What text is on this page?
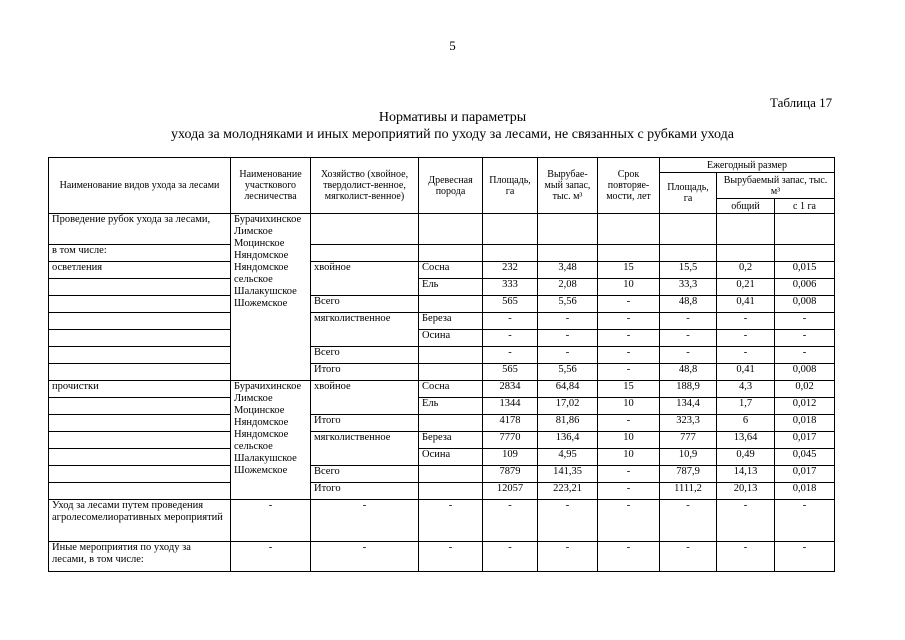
5
Таблица 17
Нормативы и параметры
ухода за молодняками и иных мероприятий по уходу за лесами, не связанных с рубками ухода
Наименование видов ухода за лесами	Наименование участкового лесничества	Хозяйство (хвойное, твердолист-венное, мягколист-венное)	Древесная порода	Площадь, га	Вырубае-мый запас, тыс. м³	Срок повторяе-мости, лет	Ежегодный размер		
							Площадь, га	Вырубаемый запас, тыс. м³	
								общий	с 1 га
Проведение рубок ухода за лесами,	Бурачихинское Лимское Моцинское Няндомское Няндомское сельское Шалакушское Шожемское								
в том числе:									
осветления		хвойное	Сосна	232	3,48	15	15,5	0,2	0,015
			Ель	333	2,08	10	33,3	0,21	0,006
		Всего		565	5,56	-	48,8	0,41	0,008
		мягколиственное	Береза	-	-	-	-	-	-
			Осина	-	-	-	-	-	-
		Всего		-	-	-	-	-	-
		Итого		565	5,56	-	48,8	0,41	0,008
прочистки	Бурачихинское Лимское Моцинское Няндомское Няндомское сельское Шалакушское Шожемское	хвойное	Сосна	2834	64,84	15	188,9	4,3	0,02
			Ель	1344	17,02	10	134,4	1,7	0,012
		Итого		4178	81,86	-	323,3	6	0,018
		мягколиственное	Береза	7770	136,4	10	777	13,64	0,017
			Осина	109	4,95	10	10,9	0,49	0,045
		Всего		7879	141,35	-	787,9	14,13	0,017
		Итого		12057	223,21	-	1111,2	20,13	0,018
Уход за лесами путем проведения агролесомелиоративных мероприятий	-	-	-	-	-	-	-	-	-
Иные мероприятия по уходу за лесами, в том числе:	-	-	-	-	-	-	-	-	-
